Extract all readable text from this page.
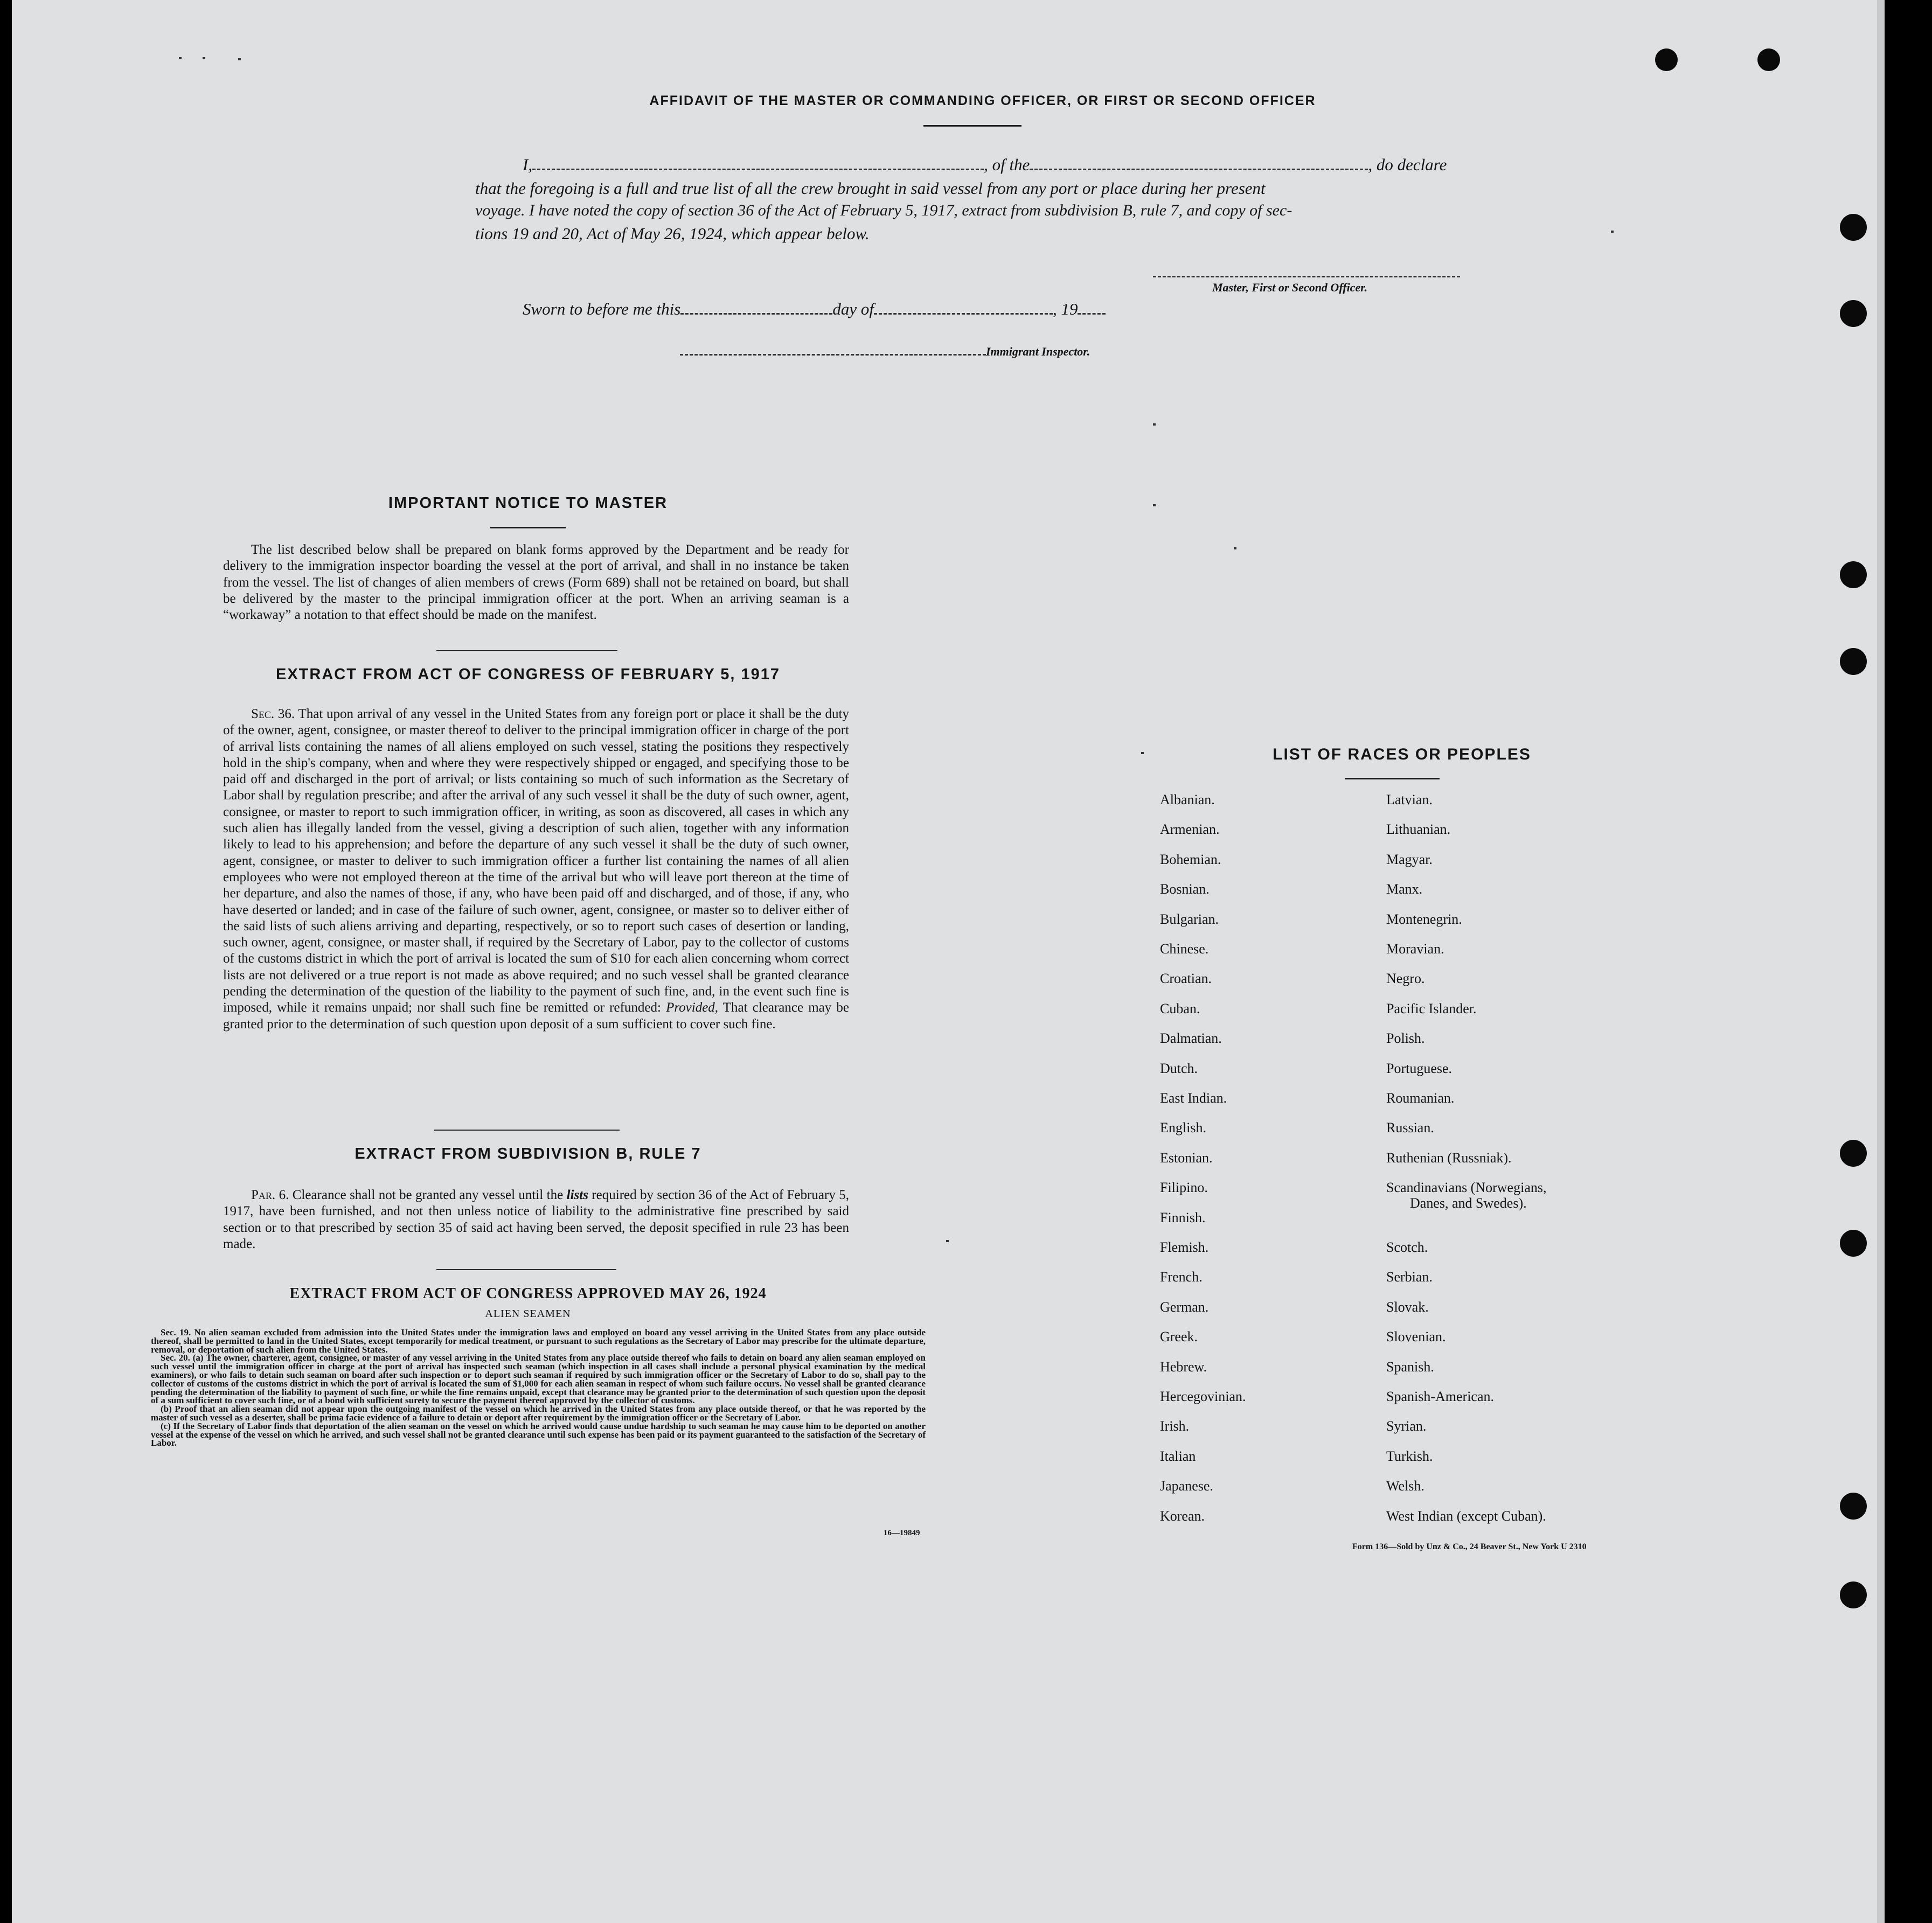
AFFIDAVIT OF THE MASTER OR COMMANDING OFFICER, OR FIRST OR SECOND OFFICER
I,	, of the	, do declare
that the foregoing is a full and true list of all the crew brought in said vessel from any port or place during her present
voyage. I have noted the copy of section 36 of the Act of February 5, 1917, extract from subdivision B, rule 7, and copy of sec-
tions 19 and 20, Act of May 26, 1924, which appear below.
Master, First or Second Officer.
Sworn to before me this	day of	, 19
Immigrant Inspector.
IMPORTANT NOTICE TO MASTER
The list described below shall be prepared on blank forms approved by the Department and be ready for delivery to the immigration inspector boarding the vessel at the port of arrival, and shall in no instance be taken from the vessel. The list of changes of alien members of crews (Form 689) shall not be retained on board, but shall be delivered by the master to the principal immigration officer at the port. When an arriving seaman is a “workaway” a notation to that effect should be made on the manifest.
EXTRACT FROM ACT OF CONGRESS OF FEBRUARY 5, 1917
Sec. 36. That upon arrival of any vessel in the United States from any foreign port or place it shall be the duty of the owner, agent, consignee, or master thereof to deliver to the principal immigration officer in charge of the port of arrival lists containing the names of all aliens employed on such vessel, stating the positions they respectively hold in the ship's company, when and where they were respectively shipped or engaged, and specifying those to be paid off and discharged in the port of arrival; or lists containing so much of such information as the Secretary of Labor shall by regulation prescribe; and after the arrival of any such vessel it shall be the duty of such owner, agent, consignee, or master to report to such immigration officer, in writing, as soon as discovered, all cases in which any such alien has illegally landed from the vessel, giving a description of such alien, together with any information likely to lead to his apprehension; and before the departure of any such vessel it shall be the duty of such owner, agent, consignee, or master to deliver to such immigration officer a further list containing the names of all alien employees who were not employed thereon at the time of the arrival but who will leave port thereon at the time of her departure, and also the names of those, if any, who have been paid off and discharged, and of those, if any, who have deserted or landed; and in case of the failure of such owner, agent, consignee, or master so to deliver either of the said lists of such aliens arriving and departing, respectively, or so to report such cases of desertion or landing, such owner, agent, consignee, or master shall, if required by the Secretary of Labor, pay to the collector of customs of the customs district in which the port of arrival is located the sum of $10 for each alien concerning whom correct lists are not delivered or a true report is not made as above required; and no such vessel shall be granted clearance pending the determination of the question of the liability to the payment of such fine, and, in the event such fine is imposed, while it remains unpaid; nor shall such fine be remitted or refunded: Provided, That clearance may be granted prior to the determination of such question upon deposit of a sum sufficient to cover such fine.
EXTRACT FROM SUBDIVISION B, RULE 7
Par. 6. Clearance shall not be granted any vessel until the lists required by section 36 of the Act of February 5, 1917, have been furnished, and not then unless notice of liability to the administrative fine prescribed by said section or to that prescribed by section 35 of said act having been served, the deposit specified in rule 23 has been made.
EXTRACT FROM ACT OF CONGRESS APPROVED MAY 26, 1924
ALIEN SEAMEN
Sec. 19. No alien seaman excluded from admission into the United States under the immigration laws and employed on board any vessel arriving in the United States from any place outside thereof, shall be permitted to land in the United States, except temporarily for medical treatment, or pursuant to such regulations as the Secretary of Labor may prescribe for the ultimate departure, removal, or deportation of such alien from the United States.
Sec. 20. (a) The owner, charterer, agent, consignee, or master of any vessel arriving in the United States from any place outside thereof who fails to detain on board any alien seaman employed on such vessel until the immigration officer in charge at the port of arrival has inspected such seaman (which inspection in all cases shall include a personal physical examination by the medical examiners), or who fails to detain such seaman on board after such inspection or to deport such seaman if required by such immigration officer or the Secretary of Labor to do so, shall pay to the collector of customs of the customs district in which the port of arrival is located the sum of $1,000 for each alien seaman in respect of whom such failure occurs. No vessel shall be granted clearance pending the determination of the liability to payment of such fine, or while the fine remains unpaid, except that clearance may be granted prior to the determination of such question upon the deposit of a sum sufficient to cover such fine, or of a bond with sufficient surety to secure the payment thereof approved by the collector of customs.
(b) Proof that an alien seaman did not appear upon the outgoing manifest of the vessel on which he arrived in the United States from any place outside thereof, or that he was reported by the master of such vessel as a deserter, shall be prima facie evidence of a failure to detain or deport after requirement by the immigration officer or the Secretary of Labor.
(c) If the Secretary of Labor finds that deportation of the alien seaman on the vessel on which he arrived would cause undue hardship to such seaman he may cause him to be deported on another vessel at the expense of the vessel on which he arrived, and such vessel shall not be granted clearance until such expense has been paid or its payment guaranteed to the satisfaction of the Secretary of Labor.
16—19849
LIST OF RACES OR PEOPLES
Form 136—Sold by Unz & Co., 24 Beaver St., New York U 2310
Albanian.
Armenian.
Bohemian.
Bosnian.
Bulgarian.
Chinese.
Croatian.
Cuban.
Dalmatian.
Dutch.
East Indian.
English.
Estonian.
Filipino.
Finnish.
Flemish.
French.
German.
Greek.
Hebrew.
Hercegovinian.
Irish.
Italian
Japanese.
Korean.
Latvian.
Lithuanian.
Magyar.
Manx.
Montenegrin.
Moravian.
Negro.
Pacific Islander.
Polish.
Portuguese.
Roumanian.
Russian.
Ruthenian (Russniak).
Scandinavians (Norwegians,
Danes, and Swedes).
Scotch.
Serbian.
Slovak.
Slovenian.
Spanish.
Spanish-American.
Syrian.
Turkish.
Welsh.
West Indian (except Cuban).
